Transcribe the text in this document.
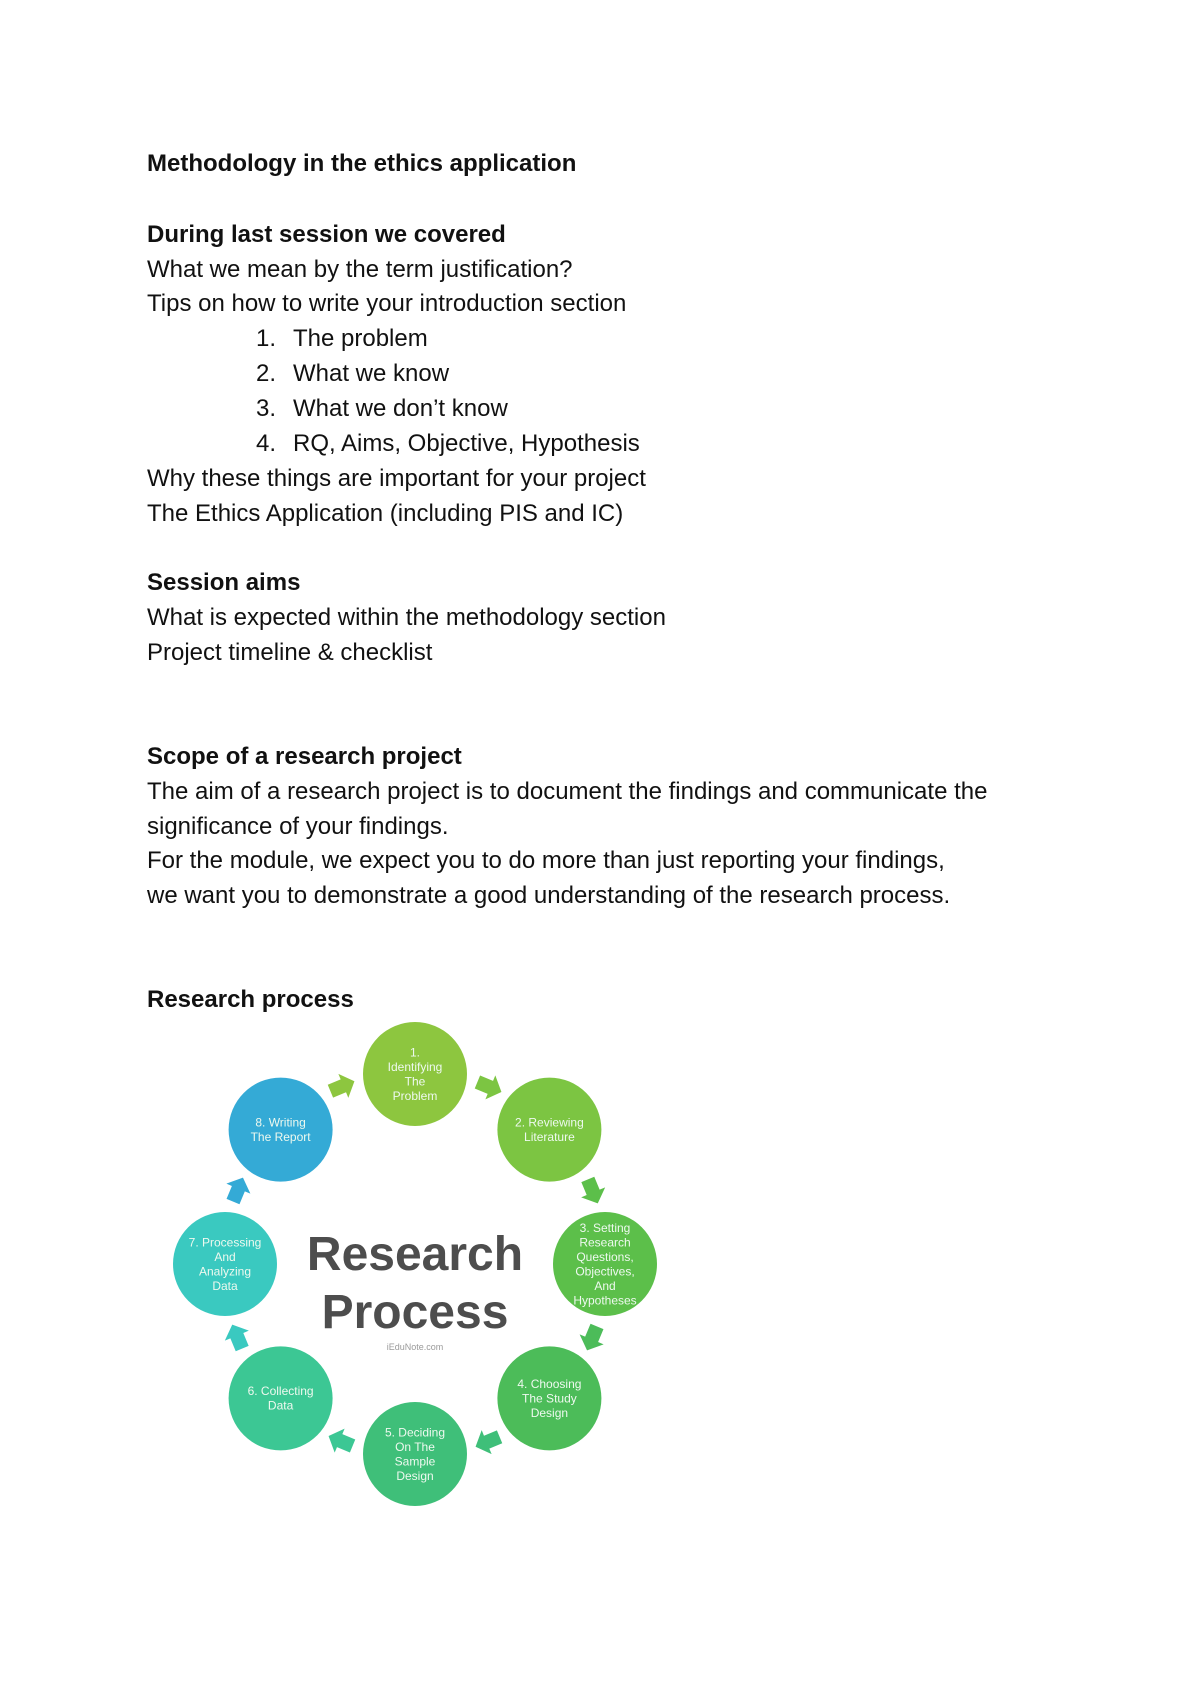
Methodology in the ethics application
During last session we covered
What we mean by the term justification?
Tips on how to write your introduction section
1. The problem
2. What we know
3. What we don’t know
4. RQ, Aims, Objective, Hypothesis
Why these things are important for your project
The Ethics Application (including PIS and IC)
Session aims
What is expected within the methodology section
Project timeline & checklist
Scope of a research project
The aim of a research project is to document the findings and communicate the
significance of your findings.
For the module, we expect you to do more than just reporting your findings,
we want you to demonstrate a good understanding of the research process.
Research process
Research
Process
iEduNote.com
1.
Identifying
The
Problem
2. Reviewing
Literature
3. Setting
Research
Questions,
Objectives,
And
Hypotheses
4. Choosing
The Study
Design
5. Deciding
On The
Sample
Design
6. Collecting
Data
7. Processing
And
Analyzing
Data
8. Writing
The Report
